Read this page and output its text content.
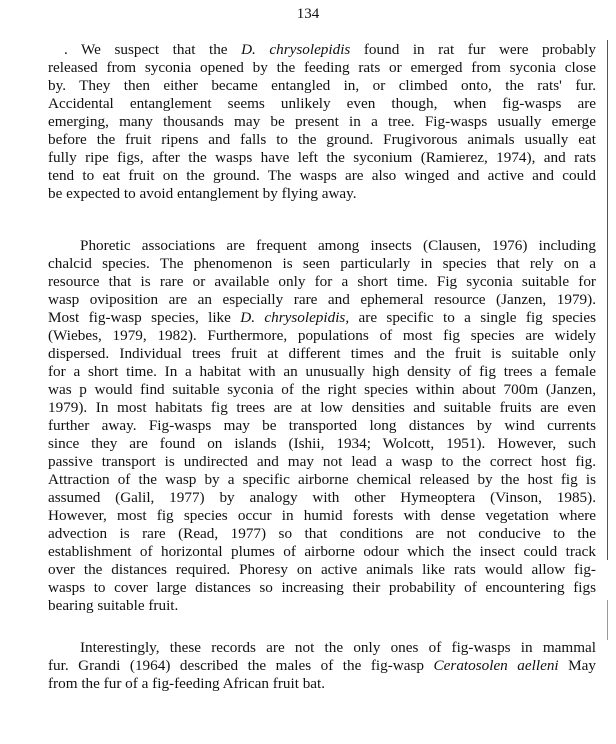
134
. We suspect that the D. chrysolepidis found in rat fur were probably
released from syconia opened by the feeding rats or emerged from syconia close
by. They then either became entangled in, or climbed onto, the rats' fur.
Accidental entanglement seems unlikely even though, when fig-wasps are
emerging, many thousands may be present in a tree. Fig-wasps usually emerge
before the fruit ripens and falls to the ground. Frugivorous animals usually eat
fully ripe figs, after the wasps have left the syconium (Ramierez, 1974), and rats
tend to eat fruit on the ground. The wasps are also winged and active and could
be expected to avoid entanglement by flying away.
Phoretic associations are frequent among insects (Clausen, 1976) including
chalcid species. The phenomenon is seen particularly in species that rely on a
resource that is rare or available only for a short time. Fig syconia suitable for
wasp oviposition are an especially rare and ephemeral resource (Janzen, 1979).
Most fig-wasp species, like D. chrysolepidis, are specific to a single fig species
(Wiebes, 1979, 1982). Furthermore, populations of most fig species are widely
dispersed. Individual trees fruit at different times and the fruit is suitable only
for a short time. In a habitat with an unusually high density of fig trees a female
was p would find suitable syconia of the right species within about 700m (Janzen,
1979). In most habitats fig trees are at low densities and suitable fruits are even
further away. Fig-wasps may be transported long distances by wind currents
since they are found on islands (Ishii, 1934; Wolcott, 1951). However, such
passive transport is undirected and may not lead a wasp to the correct host fig.
Attraction of the wasp by a specific airborne chemical released by the host fig is
assumed (Galil, 1977) by analogy with other Hymeoptera (Vinson, 1985).
However, most fig species occur in humid forests with dense vegetation where
advection is rare (Read, 1977) so that conditions are not conducive to the
establishment of horizontal plumes of airborne odour which the insect could track
over the distances required. Phoresy on active animals like rats would allow fig-
wasps to cover large distances so increasing their probability of encountering figs
bearing suitable fruit.
Interestingly, these records are not the only ones of fig-wasps in mammal
fur. Grandi (1964) described the males of the fig-wasp Ceratosolen aelleni May
from the fur of a fig-feeding African fruit bat.
